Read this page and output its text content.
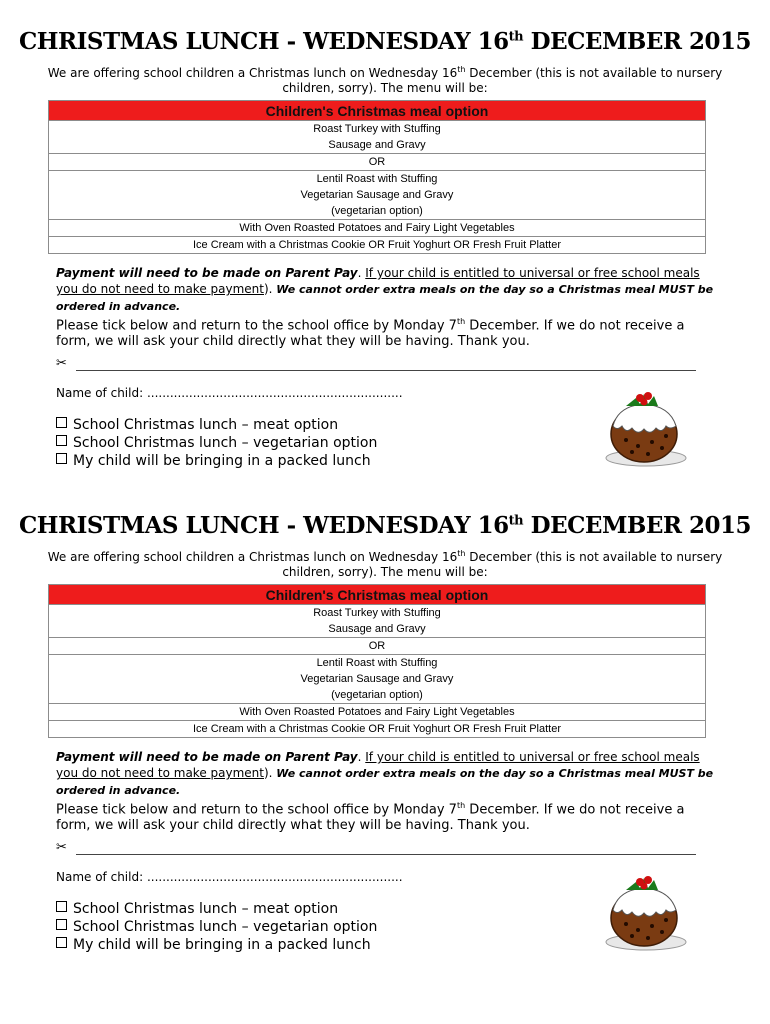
CHRISTMAS LUNCH - WEDNESDAY 16th DECEMBER 2015
We are offering school children a Christmas lunch on Wednesday 16th December (this is not available to nursery children, sorry). The menu will be:
Children's Christmas meal option
Roast Turkey with Stuffing
Sausage and Gravy
OR
Lentil Roast with Stuffing
Vegetarian Sausage and Gravy
(vegetarian option)
With Oven Roasted Potatoes and Fairy Light Vegetables
Ice Cream with a Christmas Cookie OR Fruit Yoghurt OR Fresh Fruit Platter
Payment will need to be made on Parent Pay. If your child is entitled to universal or free school meals you do not need to make payment). We cannot order extra meals on the day so a Christmas meal MUST be ordered in advance.
Please tick below and return to the school office by Monday 7th December. If we do not receive a form, we will ask your child directly what they will be having. Thank you.
✂
Name of child: ...................................................................
School Christmas lunch – meat option
School Christmas lunch – vegetarian option
My child will be bringing in a packed lunch
CHRISTMAS LUNCH - WEDNESDAY 16th DECEMBER 2015
We are offering school children a Christmas lunch on Wednesday 16th December (this is not available to nursery children, sorry). The menu will be:
Children's Christmas meal option
Roast Turkey with Stuffing
Sausage and Gravy
OR
Lentil Roast with Stuffing
Vegetarian Sausage and Gravy
(vegetarian option)
With Oven Roasted Potatoes and Fairy Light Vegetables
Ice Cream with a Christmas Cookie OR Fruit Yoghurt OR Fresh Fruit Platter
Payment will need to be made on Parent Pay. If your child is entitled to universal or free school meals you do not need to make payment). We cannot order extra meals on the day so a Christmas meal MUST be ordered in advance.
Please tick below and return to the school office by Monday 7th December. If we do not receive a form, we will ask your child directly what they will be having. Thank you.
✂
Name of child: ...................................................................
School Christmas lunch – meat option
School Christmas lunch – vegetarian option
My child will be bringing in a packed lunch
